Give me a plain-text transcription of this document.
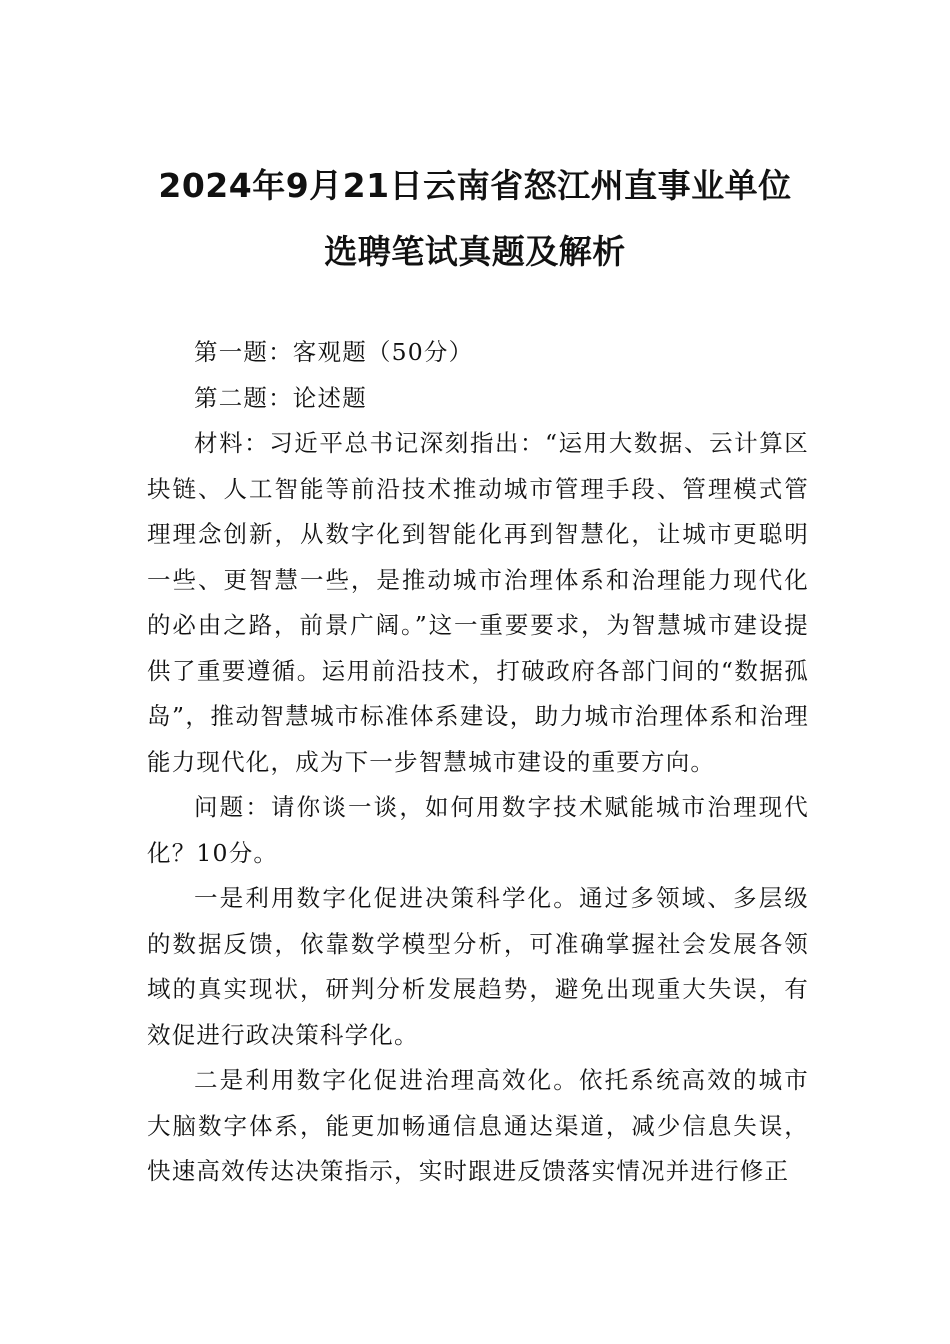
2024年9月21日云南省怒江州直事业单位
选聘笔试真题及解析

第一题：客观题（50分）

第二题：论述题

材料：习近平总书记深刻指出：“运用大数据、云计算区块链、人工智能等前沿技术推动城市管理手段、管理模式管理理念创新，从数字化到智能化再到智慧化，让城市更聪明一些、更智慧一些，是推动城市治理体系和治理能力现代化的必由之路，前景广阔。”这一重要要求，为智慧城市建设提供了重要遵循。运用前沿技术，打破政府各部门间的“数据孤岛”，推动智慧城市标准体系建设，助力城市治理体系和治理能力现代化，成为下一步智慧城市建设的重要方向。

问题：请你谈一谈，如何用数字技术赋能城市治理现代化？10分。

一是利用数字化促进决策科学化。通过多领域、多层级的数据反馈，依靠数学模型分析，可准确掌握社会发展各领域的真实现状，研判分析发展趋势，避免出现重大失误，有效促进行政决策科学化。

二是利用数字化促进治理高效化。依托系统高效的城市大脑数字体系，能更加畅通信息通达渠道，减少信息失误，快速高效传达决策指示，实时跟进反馈落实情况并进行修正
